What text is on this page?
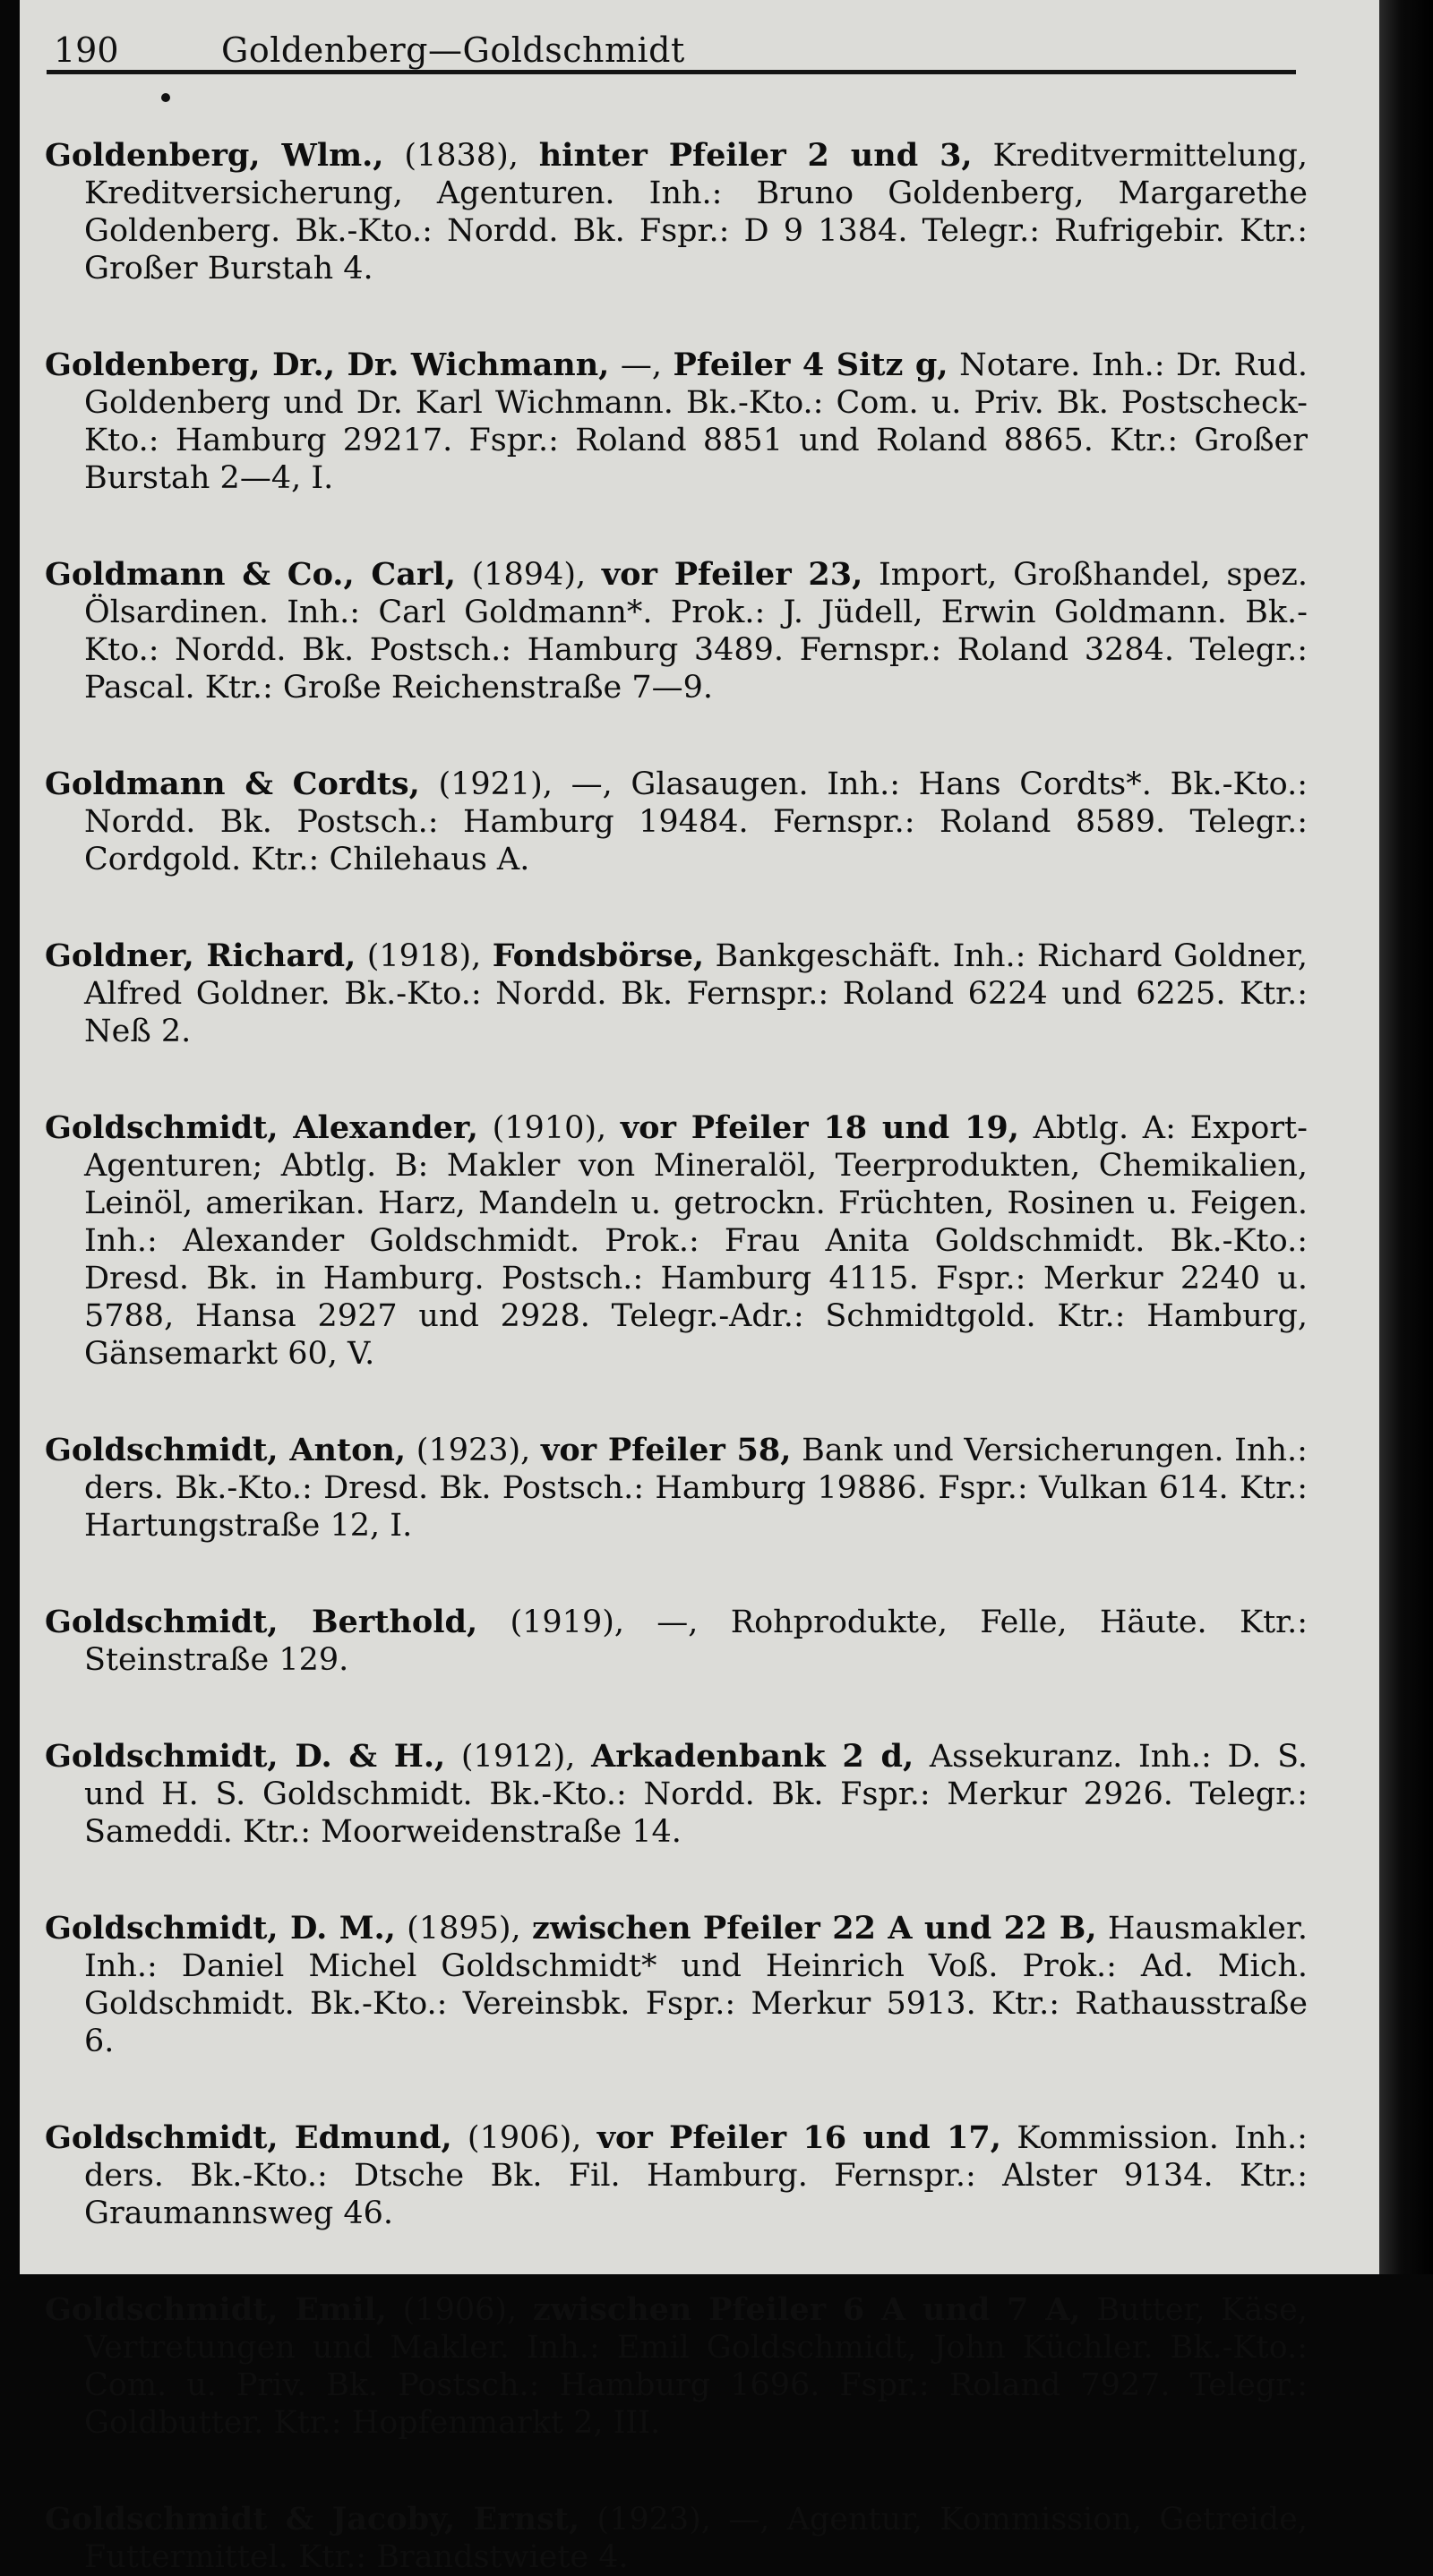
190	Goldenberg—Goldschmidt

Goldenberg, Wlm., (1838), hinter Pfeiler 2 und 3, Kreditvermittelung, Kreditversicherung, Agenturen. Inh.: Bruno Goldenberg, Margarethe Goldenberg. Bk.-Kto.: Nordd. Bk. Fspr.: D 9 1384. Telegr.: Rufrigebir. Ktr.: Großer Burstah 4.

Goldenberg, Dr., Dr. Wichmann, —, Pfeiler 4 Sitz g, Notare. Inh.: Dr. Rud. Goldenberg und Dr. Karl Wichmann. Bk.-Kto.: Com. u. Priv. Bk. Postscheck-Kto.: Hamburg 29217. Fspr.: Roland 8851 und Roland 8865. Ktr.: Großer Burstah 2—4, I.

Goldmann & Co., Carl, (1894), vor Pfeiler 23, Import, Großhandel, spez. Ölsardinen. Inh.: Carl Goldmann*. Prok.: J. Jüdell, Erwin Goldmann. Bk.-Kto.: Nordd. Bk. Postsch.: Hamburg 3489. Fernspr.: Roland 3284. Telegr.: Pascal. Ktr.: Große Reichenstraße 7—9.

Goldmann & Cordts, (1921), —, Glasaugen. Inh.: Hans Cordts*. Bk.-Kto.: Nordd. Bk. Postsch.: Hamburg 19484. Fernspr.: Roland 8589. Telegr.: Cordgold. Ktr.: Chilehaus A.

Goldner, Richard, (1918), Fondsbörse, Bankgeschäft. Inh.: Richard Goldner, Alfred Goldner. Bk.-Kto.: Nordd. Bk. Fernspr.: Roland 6224 und 6225. Ktr.: Neß 2.

Goldschmidt, Alexander, (1910), vor Pfeiler 18 und 19, Abtlg. A: Export-Agenturen; Abtlg. B: Makler von Mineralöl, Teerprodukten, Chemikalien, Leinöl, amerikan. Harz, Mandeln u. getrockn. Früchten, Rosinen u. Feigen. Inh.: Alexander Goldschmidt. Prok.: Frau Anita Goldschmidt. Bk.-Kto.: Dresd. Bk. in Hamburg. Postsch.: Hamburg 4115. Fspr.: Merkur 2240 u. 5788, Hansa 2927 und 2928. Telegr.-Adr.: Schmidtgold. Ktr.: Hamburg, Gänsemarkt 60, V.

Goldschmidt, Anton, (1923), vor Pfeiler 58, Bank und Versicherungen. Inh.: ders. Bk.-Kto.: Dresd. Bk. Postsch.: Hamburg 19886. Fspr.: Vulkan 614. Ktr.: Hartungstraße 12, I.

Goldschmidt, Berthold, (1919), —, Rohprodukte, Felle, Häute. Ktr.: Steinstraße 129.

Goldschmidt, D. & H., (1912), Arkadenbank 2 d, Assekuranz. Inh.: D. S. und H. S. Goldschmidt. Bk.-Kto.: Nordd. Bk. Fspr.: Merkur 2926. Telegr.: Sameddi. Ktr.: Moorweidenstraße 14.

Goldschmidt, D. M., (1895), zwischen Pfeiler 22 A und 22 B, Hausmakler. Inh.: Daniel Michel Goldschmidt* und Heinrich Voß. Prok.: Ad. Mich. Goldschmidt. Bk.-Kto.: Vereinsbk. Fspr.: Merkur 5913. Ktr.: Rathausstraße 6.

Goldschmidt, Edmund, (1906), vor Pfeiler 16 und 17, Kommission. Inh.: ders. Bk.-Kto.: Dtsche Bk. Fil. Hamburg. Fernspr.: Alster 9134. Ktr.: Graumannsweg 46.

Goldschmidt, Emil, (1906), zwischen Pfeiler 6 A und 7 A, Butter, Käse, Vertretungen und Makler. Inh.: Emil Goldschmidt, John Küchler. Bk.-Kto.: Com. u. Priv. Bk. Postsch.: Hamburg 1696. Fspr.: Roland 7927. Telegr.: Goldbutter. Ktr.: Hopfenmarkt 2, III.

Goldschmidt & Jacoby, Ernst, (1923), —, Agentur, Kommission, Getreide, Futtermittel. Ktr.: Brandstwiete 4.
